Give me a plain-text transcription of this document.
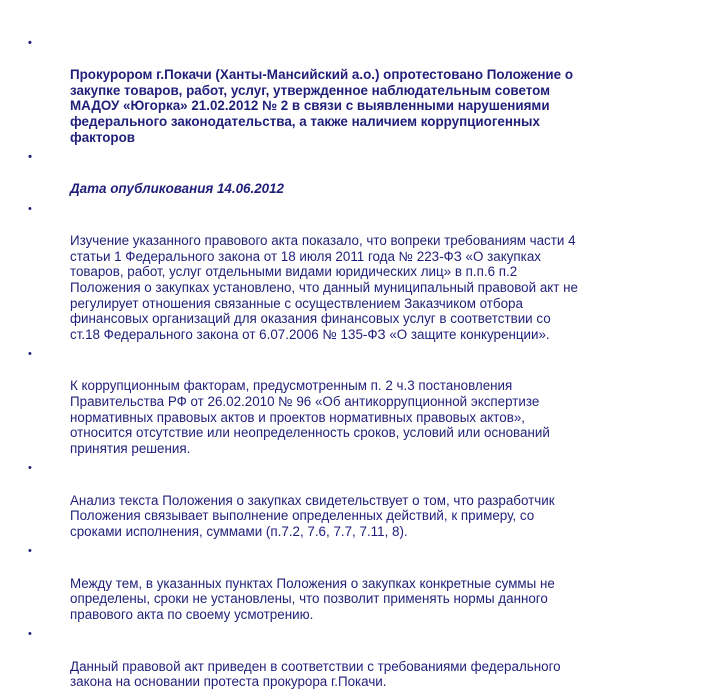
•

Прокурором г.Покачи (Ханты-Мансийский а.о.) опротестовано Положение о
закупке товаров, работ, услуг, утвержденное наблюдательным советом
МАДОУ «Югорка» 21.02.2012 № 2 в связи с выявленными нарушениями
федерального законодательства, а также наличием коррупциогенных
факторов

•

Дата опубликования 14.06.2012

•

Изучение указанного правового акта показало, что вопреки требованиям части 4
статьи 1 Федерального закона от 18 июля 2011 года № 223-ФЗ «О закупках
товаров, работ, услуг отдельными видами юридических лиц» в п.п.6 п.2
Положения о закупках установлено, что данный муниципальный правовой акт не
регулирует отношения связанные с осуществлением Заказчиком отбора
финансовых организаций для оказания финансовых услуг в соответствии со
ст.18 Федерального закона от 6.07.2006 № 135-ФЗ «О защите конкуренции».

•

К коррупционным факторам, предусмотренным п. 2 ч.3 постановления
Правительства РФ от 26.02.2010 № 96 «Об антикоррупционной экспертизе
нормативных правовых актов и проектов нормативных правовых актов»,
относится отсутствие или неопределенность сроков, условий или оснований
принятия решения.

•

Анализ текста Положения о закупках свидетельствует о том, что разработчик
Положения связывает выполнение определенных действий, к примеру, со
сроками исполнения, суммами (п.7.2, 7.6, 7.7, 7.11, 8).

•

Между тем, в указанных пунктах Положения о закупках конкретные суммы не
определены, сроки не установлены, что позволит применять нормы данного
правового акта по своему усмотрению.

•

Данный правовой акт приведен в соответствии с требованиями федерального
закона на основании протеста прокурора г.Покачи.
